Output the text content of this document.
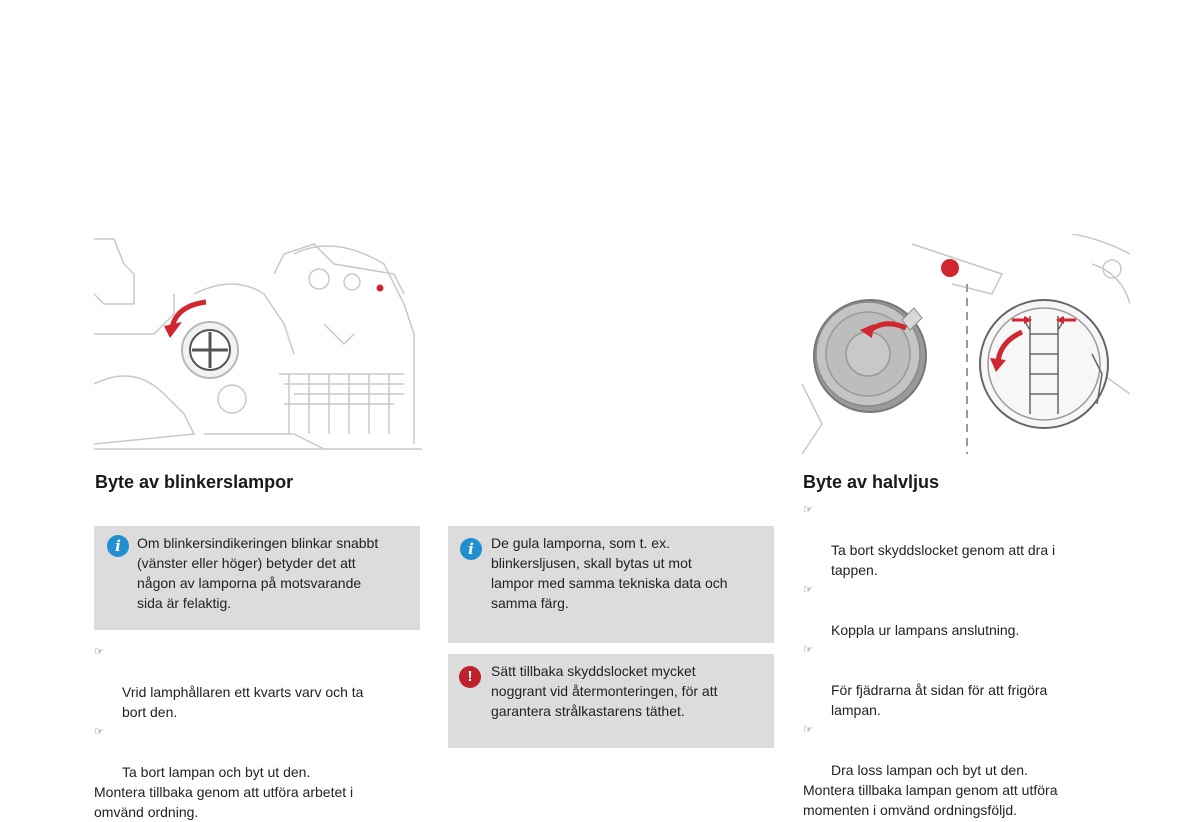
Byte av blinkerslampor
i	Om blinkersindikeringen blinkar snabbt
(vänster eller höger) betyder det att
någon av lamporna på motsvarande
sida är felaktig.

☞

Vrid lamphållaren ett kvarts varv och ta
bort den.

☞

Ta bort lampan och byt ut den.

Montera tillbaka genom att utföra arbetet i
omvänd ordning.
i	De gula lamporna, som t. ex.
blinkersljusen, skall bytas ut mot
lampor med samma tekniska data och
samma färg.
!	Sätt tillbaka skyddslocket mycket
noggrant vid återmonteringen, för att
garantera strålkastarens täthet.
Byte av halvljus

☞

Ta bort skyddslocket genom att dra i
tappen.

☞

Koppla ur lampans anslutning.

☞

För fjädrarna åt sidan för att frigöra
lampan.

☞

Dra loss lampan och byt ut den.

Montera tillbaka lampan genom att utföra
momenten i omvänd ordningsföljd.
